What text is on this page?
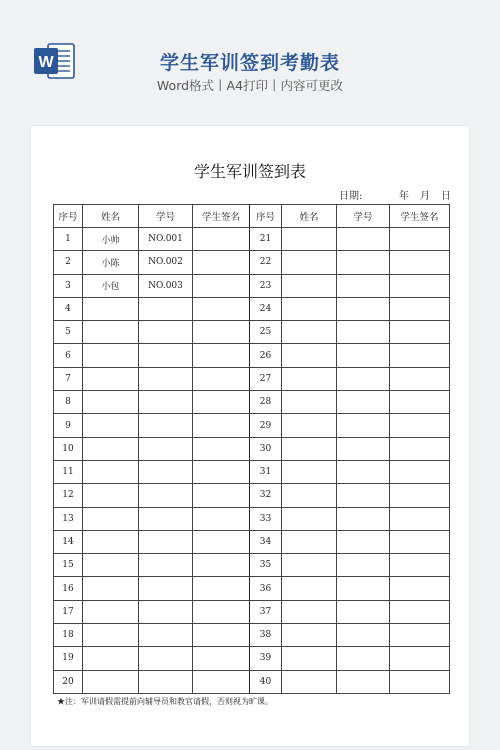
W	学生军训签到考勤表
Word格式丨A4打印丨内容可更改
学生军训签到表
日期:	年 月 日
序号	姓名	学号	学生签名	序号	姓名	学号	学生签名
1	小帅	NO.001		21			
2	小陈	NO.002		22			
3	小包	NO.003		23			
4				24			
5				25			
6				26			
7				27			
8				28			
9				29			
10				30			
11				31			
12				32			
13				33			
14				34			
15				35			
16				36			
17				37			
18				38			
19				39			
20				40			
★注：军训请假需提前向辅导员和教官请假，否则视为旷课。
